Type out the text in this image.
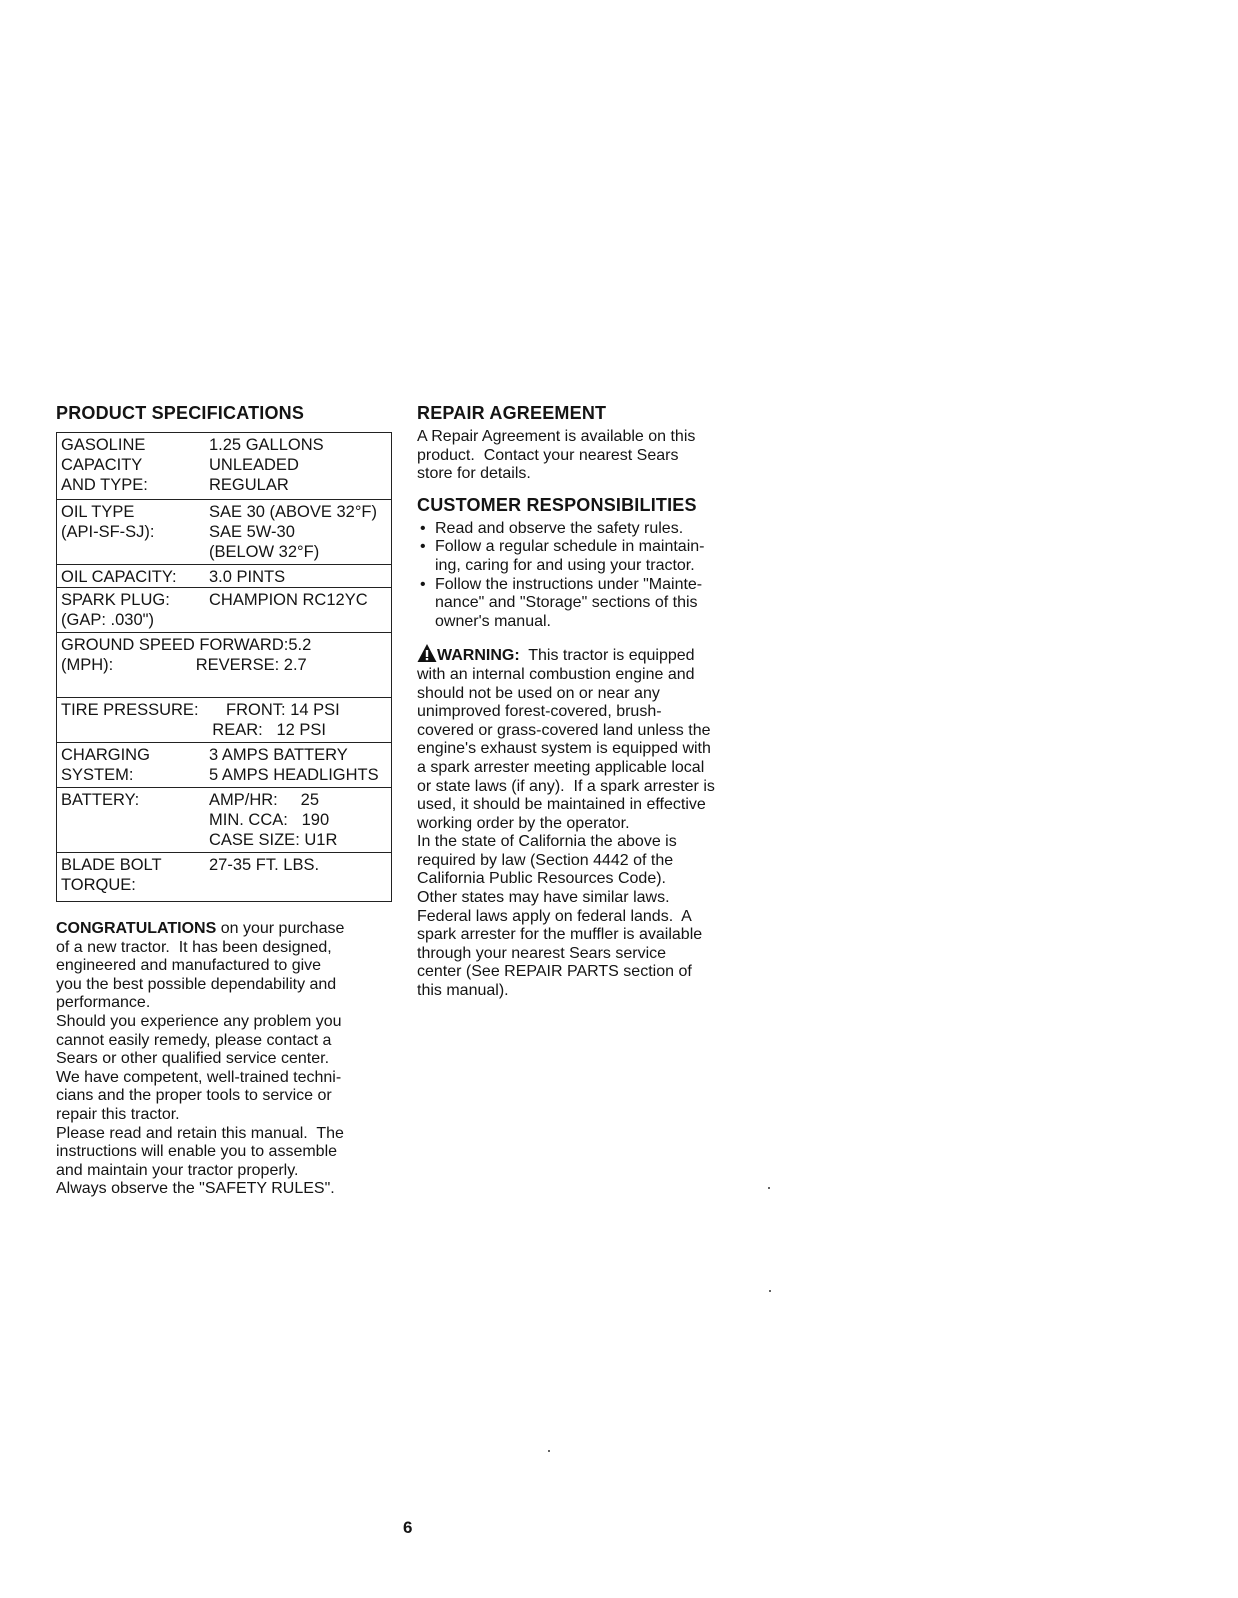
PRODUCT SPECIFICATIONS
GASOLINE
CAPACITY
AND TYPE:1.25 GALLONS
UNLEADED
REGULAR
OIL TYPE
(API-SF-SJ):SAE 30 (ABOVE 32°F)
SAE 5W-30
(BELOW 32°F)
OIL CAPACITY: 3.0 PINTS
SPARK PLUG:
(GAP: .030")CHAMPION RC12YC
GROUND SPEED FORWARD:5.2
(MPH):                  REVERSE: 2.7
TIRE PRESSURE:      FRONT: 14 PSI
REAR:   12 PSI
CHARGING
SYSTEM:3 AMPS BATTERY
5 AMPS HEADLIGHTS
BATTERY:	AMP/HR:     25
MIN. CCA:   190
CASE SIZE: U1R
BLADE BOLT
TORQUE:27-35 FT. LBS.

CONGRATULATIONS on your purchase
of a new tractor.  It has been designed,
engineered and manufactured to give
you the best possible dependability and
performance.
Should you experience any problem you
cannot easily remedy, please contact a
Sears or other qualified service center.
We have competent, well-trained techni-
cians and the proper tools to service or
repair this tractor.
Please read and retain this manual.  The
instructions will enable you to assemble
and maintain your tractor properly.
Always observe the "SAFETY RULES".

REPAIR AGREEMENT

A Repair Agreement is available on this
product.  Contact your nearest Sears
store for details.

CUSTOMER RESPONSIBILITIES
• Read and observe the safety rules.
• Follow a regular schedule in maintain-
ing, caring for and using your tractor.
• Follow the instructions under "Mainte-
nance" and "Storage" sections of this
owner's manual.

WARNING:  This tractor is equipped

with an internal combustion engine and
should not be used on or near any
unimproved forest-covered, brush-
covered or grass-covered land unless the
engine's exhaust system is equipped with
a spark arrester meeting applicable local
or state laws (if any).  If a spark arrester is
used, it should be maintained in effective
working order by the operator.
In the state of California the above is
required by law (Section 4442 of the
California Public Resources Code).
Other states may have similar laws.
Federal laws apply on federal lands.  A
spark arrester for the muffler is available
through your nearest Sears service
center (See REPAIR PARTS section of
this manual).

6
